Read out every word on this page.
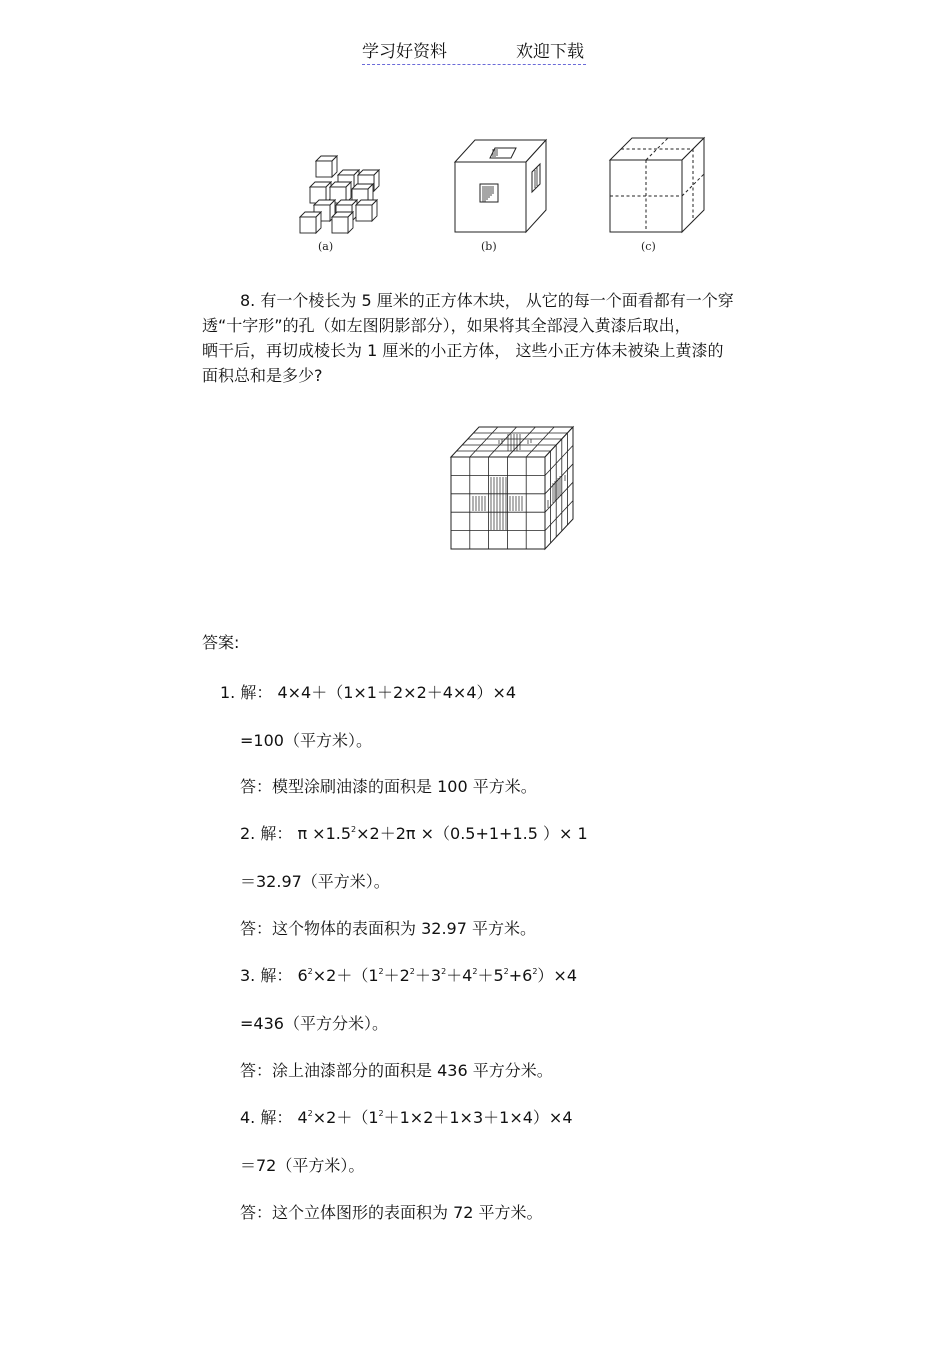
学习好资料	欢迎下载
(a)	(b)	(c)
8. 有一个棱长为 5 厘米的正方体木块， 从它的每一个面看都有一个穿
透“十字形”的孔（如左图阴影部分），如果将其全部浸入黄漆后取出，
晒干后，再切成棱长为 1 厘米的小正方体， 这些小正方体未被染上黄漆的
面积总和是多少?
答案:
1. 解： 4×4＋（1×1＋2×2＋4×4）×4
=100（平方米）。
答：模型涂刷油漆的面积是 100 平方米。
2. 解： $\pi \times 1.5^2\times 2+2\pi \times(0.5+1+1.5$ ）× 1
＝32.97（平方米）。
答：这个物体的表面积为 32.97 平方米。
3. 解： $6^2\times 2+(1^2+2^2+3^2+4^2+5^2+6^2)\times 4$
=436（平方分米）。
答：涂上油漆部分的面积是 436 平方分米。
4. 解： $4^2\times 2+(1^2+1\times 2+1\times 3+1\times 4)\times 4$
＝72（平方米）。
答：这个立体图形的表面积为 72 平方米。
